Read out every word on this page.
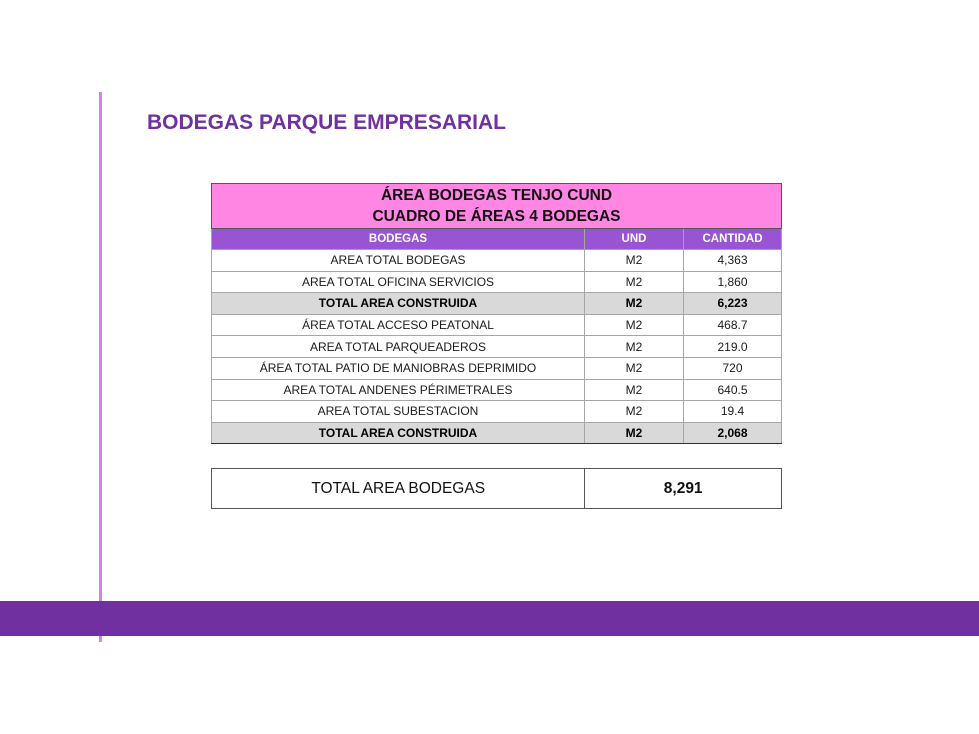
BODEGAS PARQUE EMPRESARIAL
ÁREA BODEGAS TENJO CUND
CUADRO DE ÁREAS 4 BODEGAS		

BODEGAS	UND	CANTIDAD
AREA TOTAL BODEGAS	M2	4,363
AREA TOTAL OFICINA SERVICIOS	M2	1,860
TOTAL AREA CONSTRUIDA	M2	6,223
ÁREA TOTAL ACCESO PEATONAL	M2	468.7
AREA TOTAL PARQUEADEROS	M2	219.0
ÁREA TOTAL PATIO DE MANIOBRAS DEPRIMIDO	M2	720
AREA TOTAL ANDENES PÉRIMETRALES	M2	640.5
AREA TOTAL SUBESTACION	M2	19.4
TOTAL AREA CONSTRUIDA	M2	2,068
TOTAL AREA BODEGAS	8,291
